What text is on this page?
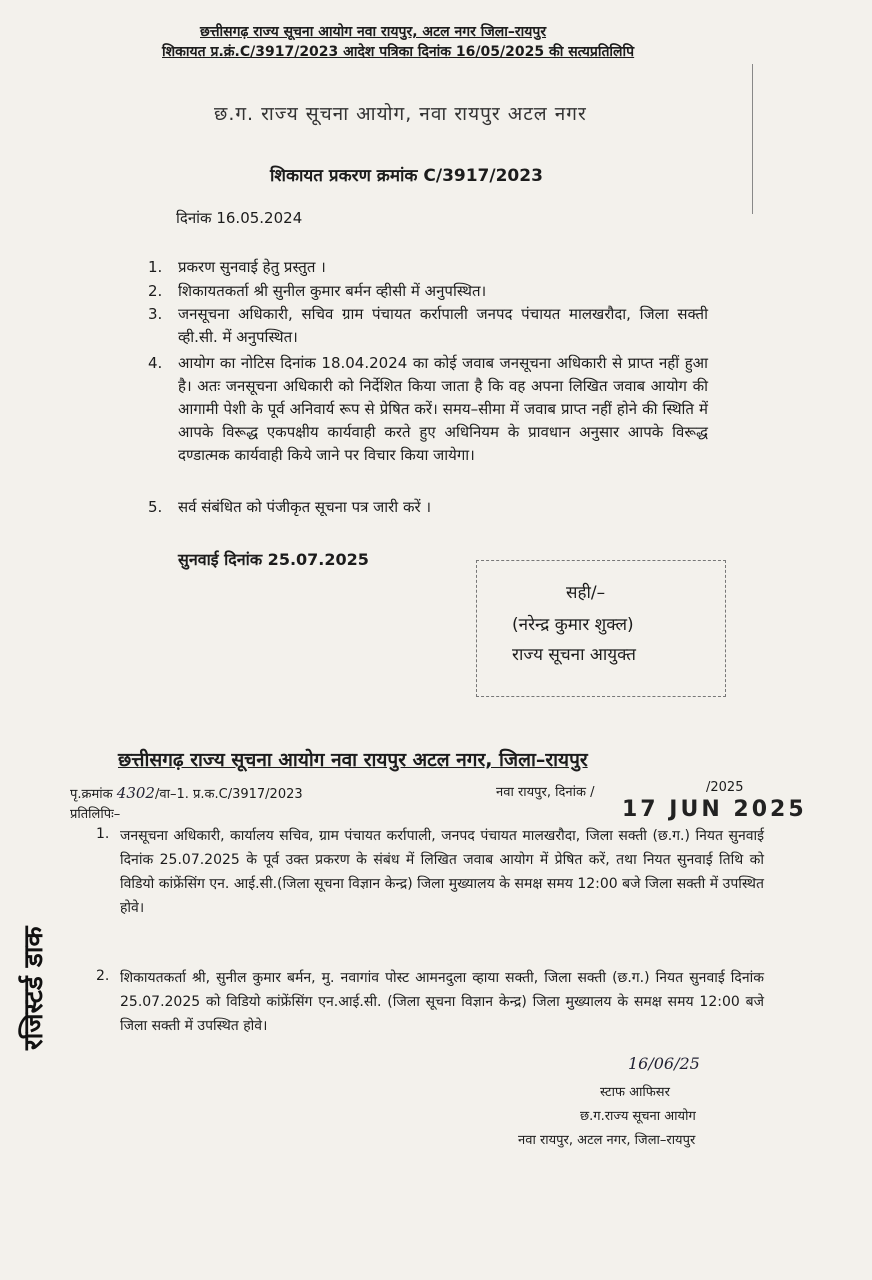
छत्तीसगढ़ राज्य सूचना आयोग नवा रायपुर, अटल नगर जिला–रायपुर
शिकायत प्र.क्रं.C/3917/2023 आदेश पत्रिका दिनांक 16/05/2025 की सत्यप्रतिलिपि
छ.ग. राज्य सूचना आयोग, नवा रायपुर अटल नगर
शिकायत प्रकरण क्रमांक C/3917/2023
दिनांक 16.05.2024
1. प्रकरण सुनवाई हेतु प्रस्तुत ।
2. शिकायतकर्ता श्री सुनील कुमार बर्मन व्हीसी में अनुपस्थित।
3. जनसूचना अधिकारी, सचिव ग्राम पंचायत कर्रापाली जनपद पंचायत मालखरौदा, जिला सक्ती व्ही.सी. में अनुपस्थित।
4. आयोग का नोटिस दिनांक 18.04.2024 का कोई जवाब जनसूचना अधिकारी से प्राप्त नहीं हुआ है। अतः जनसूचना अधिकारी को निर्देशित किया जाता है कि वह अपना लिखित जवाब आयोग की आगामी पेशी के पूर्व अनिवार्य रूप से प्रेषित करें। समय–सीमा में जवाब प्राप्त नहीं होने की स्थिति में आपके विरूद्ध एकपक्षीय कार्यवाही करते हुए अधिनियम के प्रावधान अनुसार आपके विरूद्ध दण्डात्मक कार्यवाही किये जाने पर विचार किया जायेगा।
5. सर्व संबंधित को पंजीकृत सूचना पत्र जारी करें ।
सुनवाई दिनांक 25.07.2025
सही/–
(नरेन्द्र कुमार शुक्ल)
राज्य सूचना आयुक्त
छत्तीसगढ़ राज्य सूचना आयोग नवा रायपुर अटल नगर, जिला–रायपुर
पृ.क्रमांक 4302/वा–1. प्र.क.C/3917/2023	नवा रायपुर, दिनांक /	/2025
17 JUN 2025
प्रतिलिपिः–
1. जनसूचना अधिकारी, कार्यालय सचिव, ग्राम पंचायत कर्रापाली, जनपद पंचायत मालखरौदा, जिला सक्ती (छ.ग.) नियत सुनवाई दिनांक 25.07.2025 के पूर्व उक्त प्रकरण के संबंध में लिखित जवाब आयोग में प्रेषित करें, तथा नियत सुनवाई तिथि को विडियो कांफ्रेंसिंग एन. आई.सी.(जिला सूचना विज्ञान केन्द्र) जिला मुख्यालय के समक्ष समय 12:00 बजे जिला सक्ती में उपस्थित होवे।
2. शिकायतकर्ता श्री, सुनील कुमार बर्मन, मु. नवागांव पोस्ट आमनदुला व्हाया सक्ती, जिला सक्ती (छ.ग.) नियत सुनवाई दिनांक 25.07.2025 को विडियो कांफ्रेंसिंग एन.आई.सी. (जिला सूचना विज्ञान केन्द्र) जिला मुख्यालय के समक्ष समय 12:00 बजे जिला सक्ती में उपस्थित होवे।
16/06/25
स्टाफ आफिसर
छ.ग.राज्य सूचना आयोग
नवा रायपुर, अटल नगर, जिला–रायपुर
रजिस्टर्ड डाक
